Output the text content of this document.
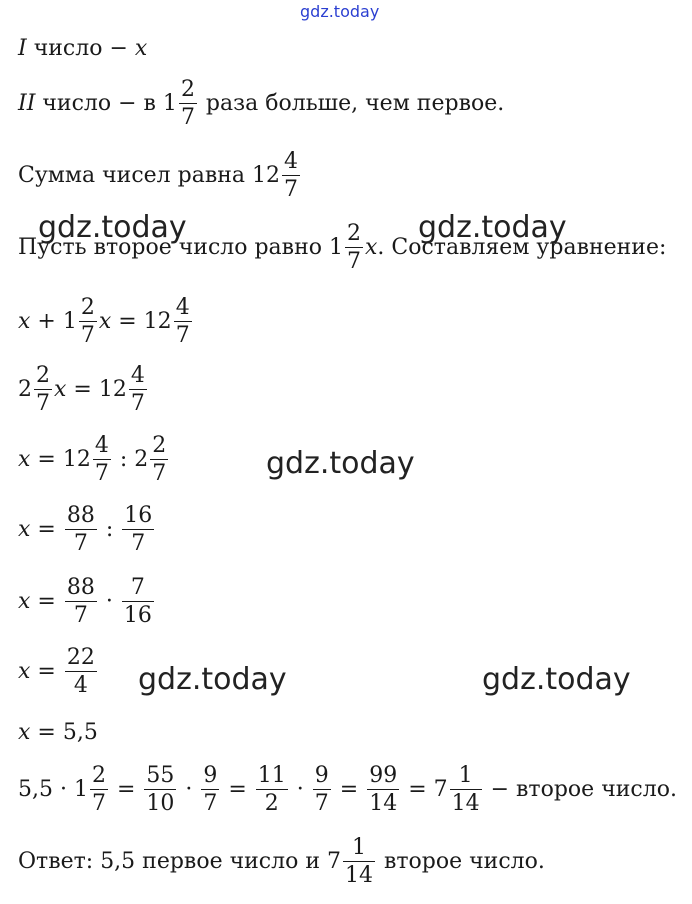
gdz.today
I число − x
II число − в $1 \frac{2}{7}$ раза больше, чем первое.
Сумма чисел равна $12 \frac{4}{7}$
Пусть второе число равно $1 \frac{2}{7}$ x . Составляем уравнение:
$x + 1 \frac{2}{7}$ $x = 12 \frac{4}{7}$
$2 \frac{2}{7}$ $x = 12 \frac{4}{7}$
$x = 12 \frac{4}{7}$ : $2 \frac{2}{7}$
$x = \frac{88}{7}$ : $\frac{16}{7}$
$x = \frac{88}{7} \cdot \frac{7}{16}$
$x = \frac{22}{4}$
x = 5,5
$5,5 \cdot 1 \frac{2}{7} = \frac{55}{10} \cdot \frac{9}{7} = \frac{11}{2} \cdot \frac{9}{7} = \frac{99}{14} = 7 \frac{1}{14}$ − второе число.
Ответ: 5,5 первое число и $7 \frac{1}{14}$ второе число.
gdz.today	gdz.today
gdz.today
gdz.today	gdz.today
